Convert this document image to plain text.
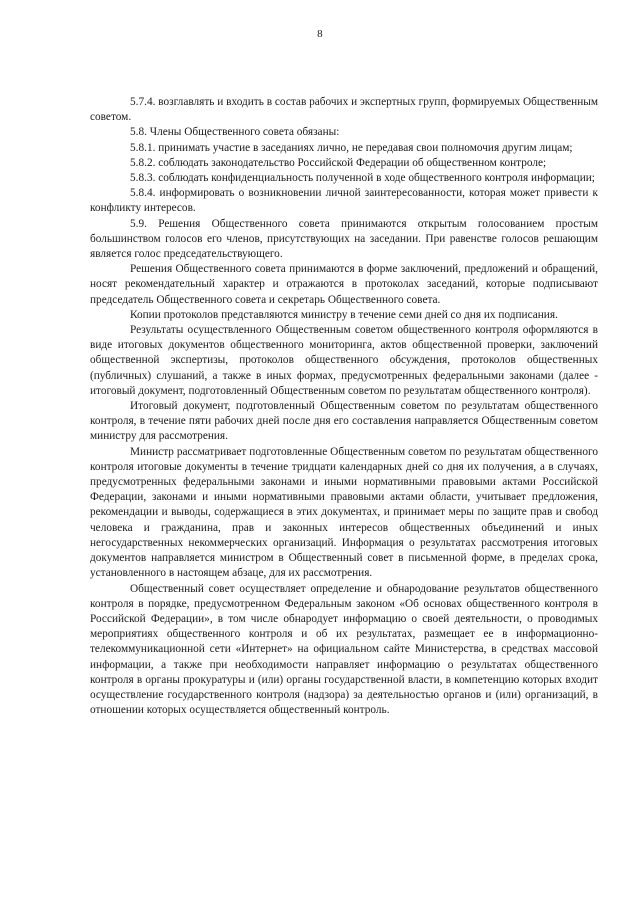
8

5.7.4. возглавлять и входить в состав рабочих и экспертных групп, формируемых Общественным советом.

5.8. Члены Общественного совета обязаны:

5.8.1. принимать участие в заседаниях лично, не передавая свои полномочия другим лицам;

5.8.2. соблюдать законодательство Российской Федерации об общественном контроле;

5.8.3. соблюдать конфиденциальность полученной в ходе общественного контроля информации;

5.8.4. информировать о возникновении личной заинтересованности, которая может привести к конфликту интересов.

5.9. Решения Общественного совета принимаются открытым голосованием простым большинством голосов его членов, присутствующих на заседании. При равенстве голосов решающим является голос председательствующего.

Решения Общественного совета принимаются в форме заключений, предложений и обращений, носят рекомендательный характер и отражаются в протоколах заседаний, которые подписывают председатель Общественного совета и секретарь Общественного совета.

Копии протоколов представляются министру в течение семи дней со дня их подписания.

Результаты осуществленного Общественным советом общественного контроля оформляются в виде итоговых документов общественного мониторинга, актов общественной проверки, заключений общественной экспертизы, протоколов общественного обсуждения, протоколов общественных (публичных) слушаний, а также в иных формах, предусмотренных федеральными законами (далее - итоговый документ, подготовленный Общественным советом по результатам общественного контроля).

Итоговый документ, подготовленный Общественным советом по результатам общественного контроля, в течение пяти рабочих дней после дня его составления направляется Общественным советом министру для рассмотрения.

Министр рассматривает подготовленные Общественным советом по результатам общественного контроля итоговые документы в течение тридцати календарных дней со дня их получения, а в случаях, предусмотренных федеральными законами и иными нормативными правовыми актами Российской Федерации, законами и иными нормативными правовыми актами области, учитывает предложения, рекомендации и выводы, содержащиеся в этих документах, и принимает меры по защите прав и свобод человека и гражданина, прав и законных интересов общественных объединений и иных негосударственных некоммерческих организаций. Информация о результатах рассмотрения итоговых документов направляется министром в Общественный совет в письменной форме, в пределах срока, установленного в настоящем абзаце, для их рассмотрения.

Общественный совет осуществляет определение и обнародование результатов общественного контроля в порядке, предусмотренном Федеральным законом «Об основах общественного контроля в Российской Федерации», в том числе обнародует информацию о своей деятельности, о проводимых мероприятиях общественного контроля и об их результатах, размещает ее в информационно-телекоммуникационной сети «Интернет» на официальном сайте Министерства, в средствах массовой информации, а также при необходимости направляет информацию о результатах общественного контроля в органы прокуратуры и (или) органы государственной власти, в компетенцию которых входит осуществление государственного контроля (надзора) за деятельностью органов и (или) организаций, в отношении которых осуществляется общественный контроль.
